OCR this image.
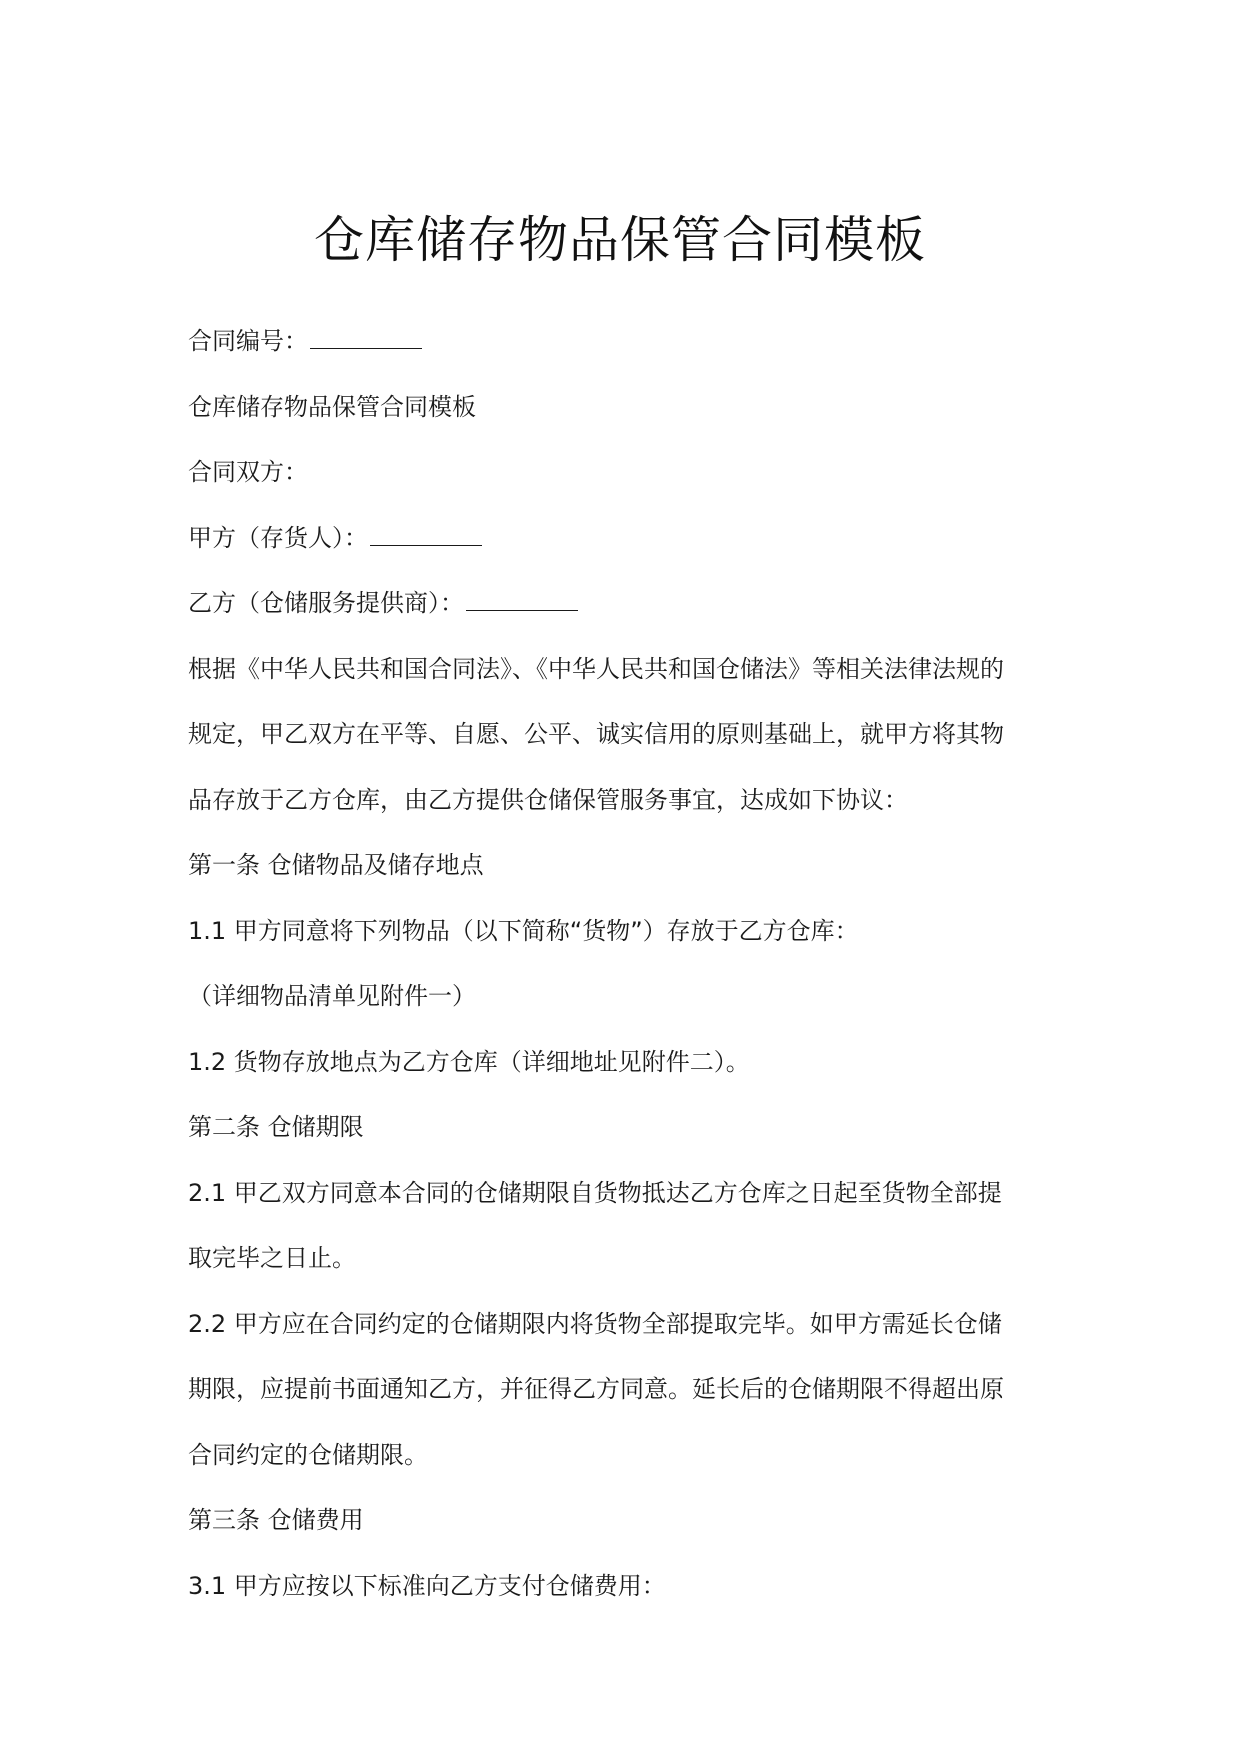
仓库储存物品保管合同模板
合同编号：
仓库储存物品保管合同模板
合同双方：
甲方（存货人）：
乙方（仓储服务提供商）：
根据《中华人民共和国合同法》、《中华人民共和国仓储法》等相关法律法规的
规定，甲乙双方在平等、自愿、公平、诚实信用的原则基础上，就甲方将其物
品存放于乙方仓库，由乙方提供仓储保管服务事宜，达成如下协议：
第一条 仓储物品及储存地点
1.1 甲方同意将下列物品（以下简称“货物”）存放于乙方仓库：
（详细物品清单见附件一）
1.2 货物存放地点为乙方仓库（详细地址见附件二）。
第二条 仓储期限
2.1 甲乙双方同意本合同的仓储期限自货物抵达乙方仓库之日起至货物全部提
取完毕之日止。
2.2 甲方应在合同约定的仓储期限内将货物全部提取完毕。如甲方需延长仓储
期限，应提前书面通知乙方，并征得乙方同意。延长后的仓储期限不得超出原
合同约定的仓储期限。
第三条 仓储费用
3.1 甲方应按以下标准向乙方支付仓储费用：
